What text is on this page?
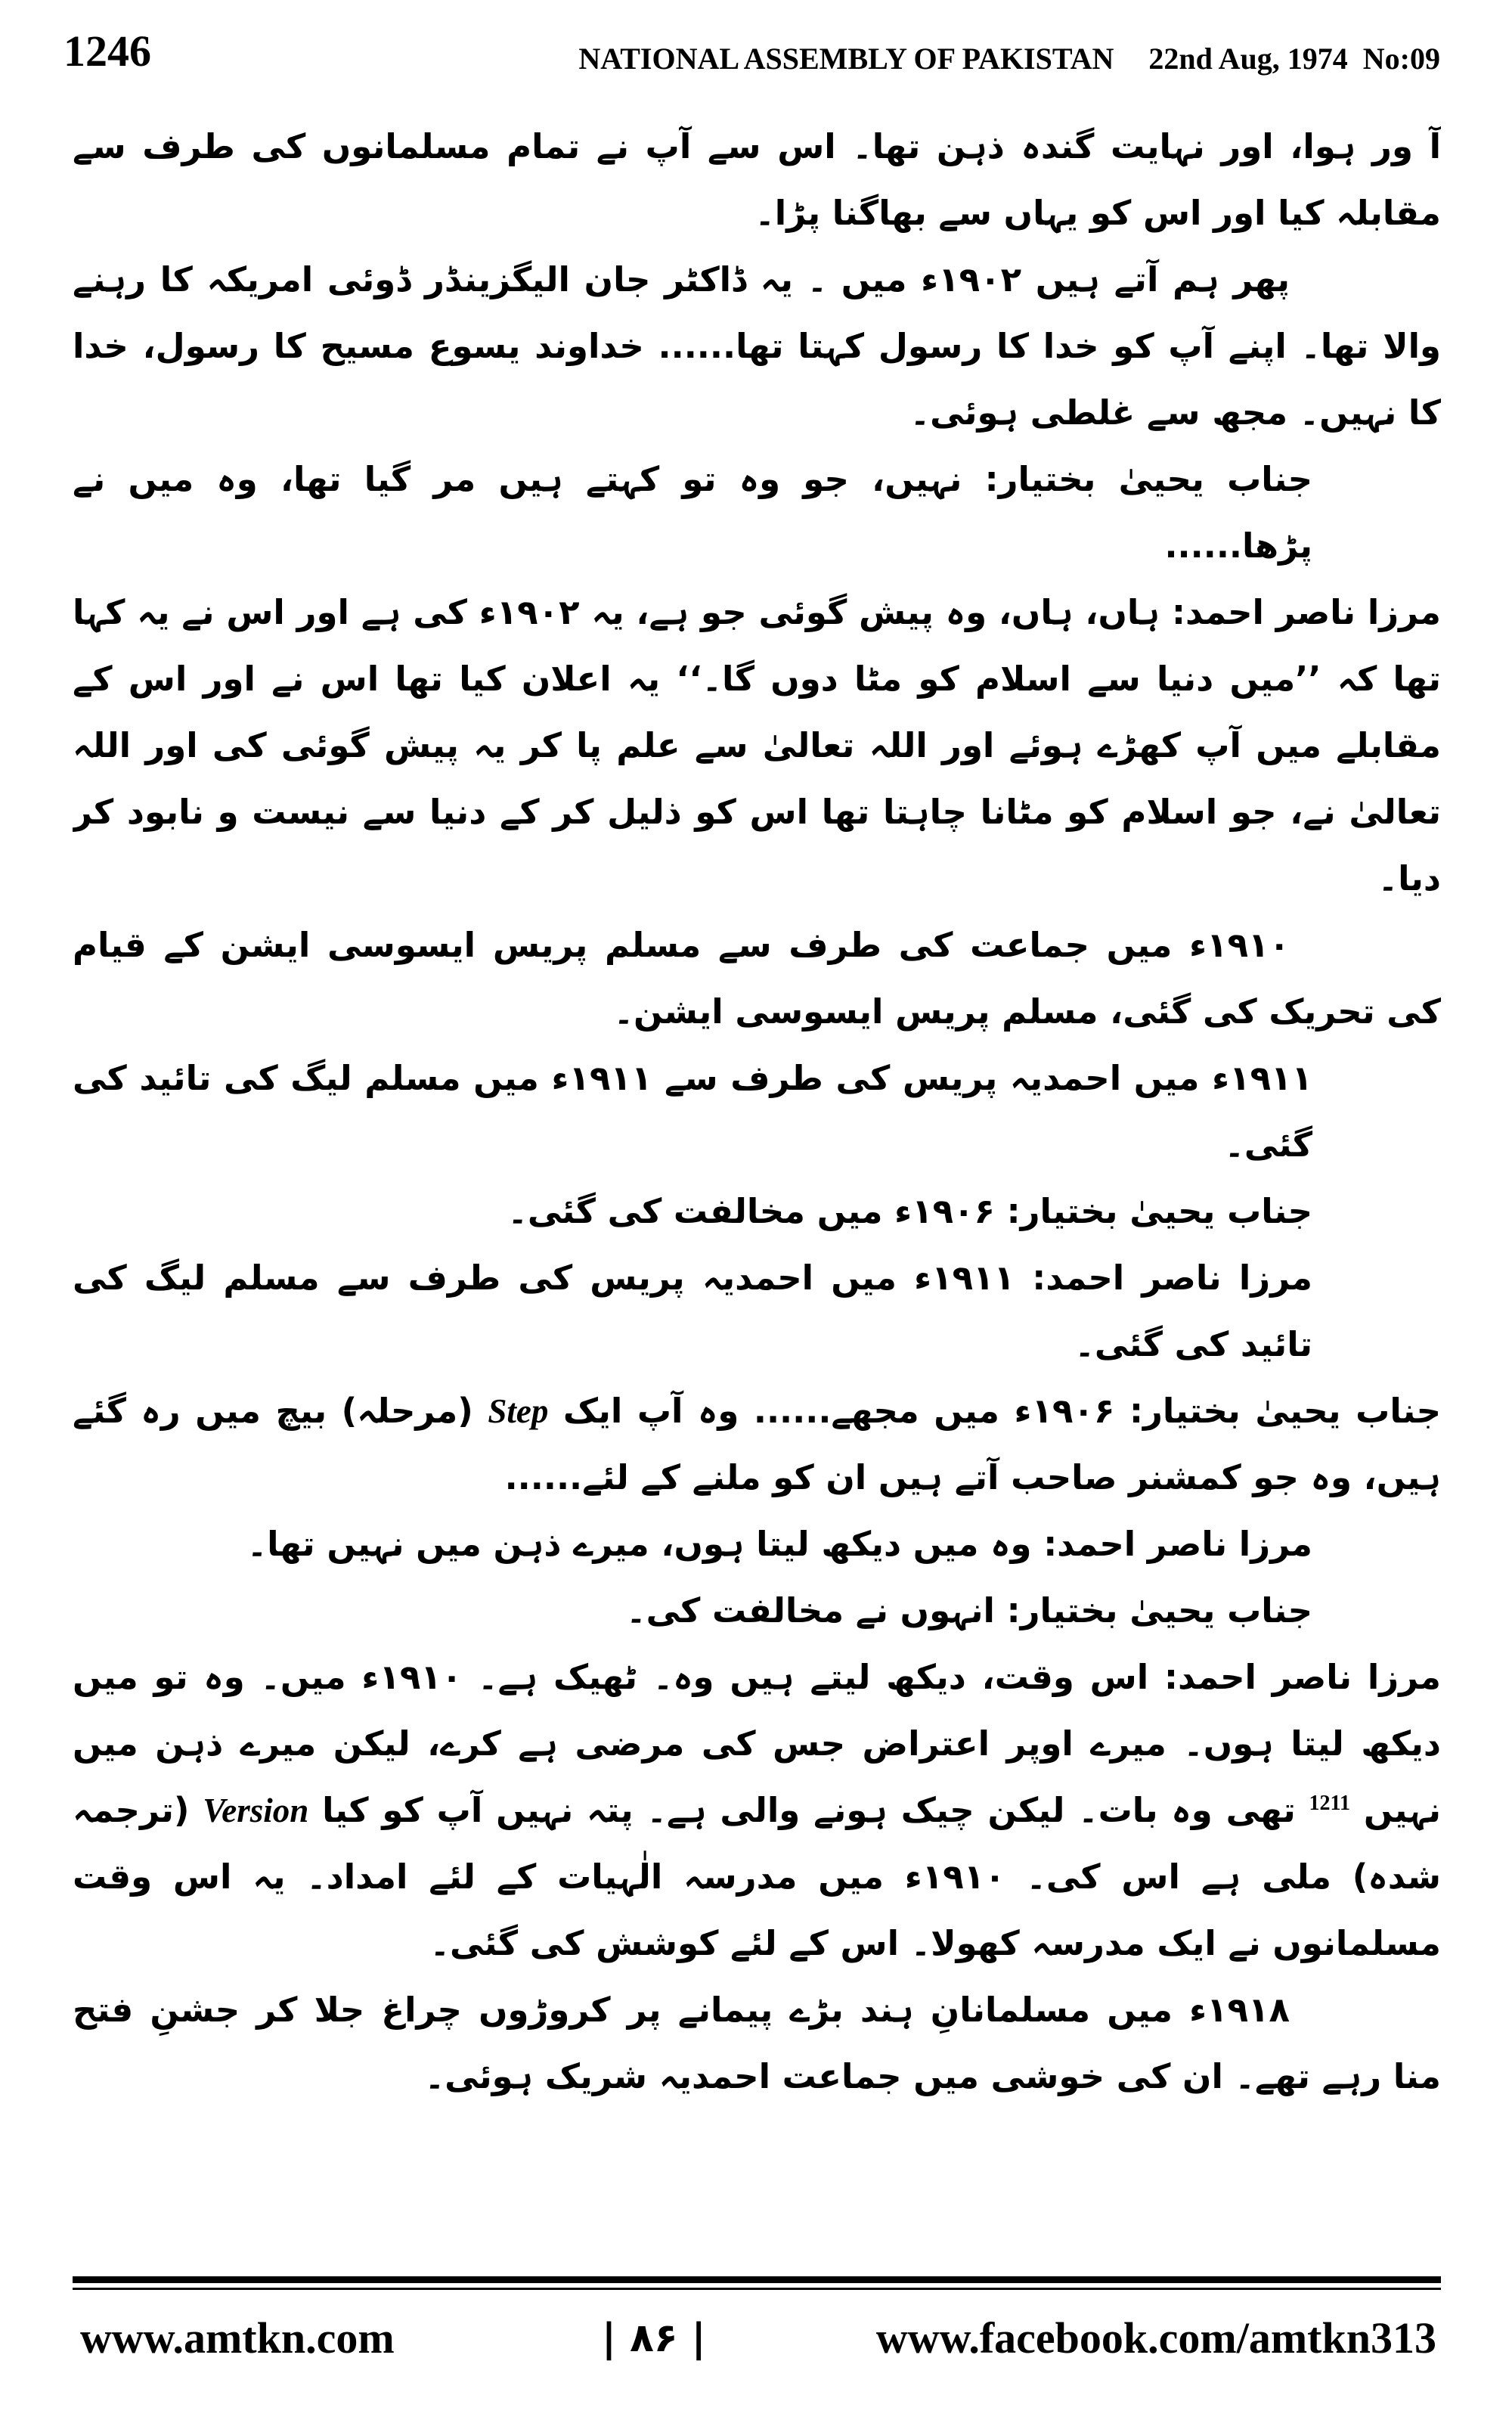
1246	NATIONAL ASSEMBLY OF PAKISTAN 22nd Aug, 1974 No:09

آ ور ہوا، اور نہایت گندہ ذہن تھا۔ اس سے آپ نے تمام مسلمانوں کی طرف سے مقابلہ کیا اور اس کو یہاں سے بھاگنا پڑا۔

پھر ہم آتے ہیں ۱۹۰۲ء میں ۔ یہ ڈاکٹر جان الیگزینڈر ڈوئی امریکہ کا رہنے والا تھا۔ اپنے آپ کو خدا کا رسول کہتا تھا...... خداوند یسوع مسیح کا رسول، خدا کا نہیں۔ مجھ سے غلطی ہوئی۔

جناب یحییٰ بختیار: نہیں، جو وہ تو کہتے ہیں مر گیا تھا، وہ میں نے پڑھا......

مرزا ناصر احمد: ہاں، ہاں، وہ پیش گوئی جو ہے، یہ ۱۹۰۲ء کی ہے اور اس نے یہ کہا تھا کہ ’’میں دنیا سے اسلام کو مٹا دوں گا۔‘‘ یہ اعلان کیا تھا اس نے اور اس کے مقابلے میں آپ کھڑے ہوئے اور اللہ تعالیٰ سے علم پا کر یہ پیش گوئی کی اور اللہ تعالیٰ نے، جو اسلام کو مٹانا چاہتا تھا اس کو ذلیل کر کے دنیا سے نیست و نابود کر دیا۔

۱۹۱۰ء میں جماعت کی طرف سے مسلم پریس ایسوسی ایشن کے قیام کی تحریک کی گئی، مسلم پریس ایسوسی ایشن۔

۱۹۱۱ء میں احمدیہ پریس کی طرف سے ۱۹۱۱ء میں مسلم لیگ کی تائید کی گئی۔

جناب یحییٰ بختیار: ۱۹۰۶ء میں مخالفت کی گئی۔

مرزا ناصر احمد: ۱۹۱۱ء میں احمدیہ پریس کی طرف سے مسلم لیگ کی تائید کی گئی۔

جناب یحییٰ بختیار: ۱۹۰۶ء میں مجھے...... وہ آپ ایک Step (مرحلہ) بیچ میں رہ گئے ہیں، وہ جو کمشنر صاحب آتے ہیں ان کو ملنے کے لئے......

مرزا ناصر احمد: وہ میں دیکھ لیتا ہوں، میرے ذہن میں نہیں تھا۔

جناب یحییٰ بختیار: انہوں نے مخالفت کی۔

مرزا ناصر احمد: اس وقت، دیکھ لیتے ہیں وہ۔ ٹھیک ہے۔ ۱۹۱۰ء میں۔ وہ تو میں دیکھ لیتا ہوں۔ میرے اوپر اعتراض جس کی مرضی ہے کرے، لیکن میرے ذہن میں نہیں $^{1211}$ تھی وہ بات۔ لیکن چیک ہونے والی ہے۔ پتہ نہیں آپ کو کیا Version (ترجمہ شدہ) ملی ہے اس کی۔ ۱۹۱۰ء میں مدرسہ الٰہیات کے لئے امداد۔ یہ اس وقت مسلمانوں نے ایک مدرسہ کھولا۔ اس کے لئے کوشش کی گئی۔

۱۹۱۸ء میں مسلمانانِ ہند بڑے پیمانے پر کروڑوں چراغ جلا کر جشنِ فتح منا رہے تھے۔ ان کی خوشی میں جماعت احمدیہ شریک ہوئی۔

www.amtkn.com	| ۸۶ |	www.facebook.com/amtkn313
